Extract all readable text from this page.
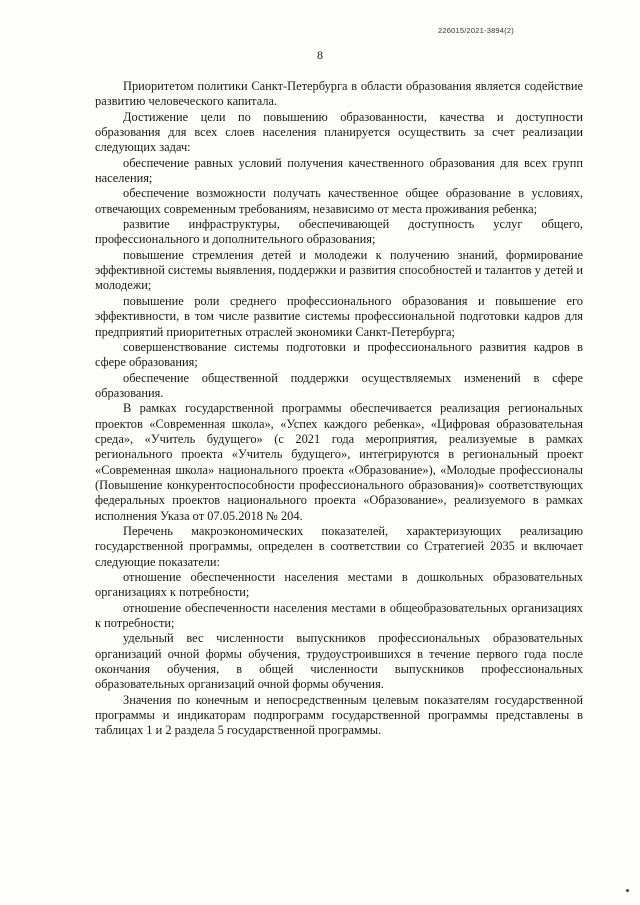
226015/2021-3894(2)
8

Приоритетом политики Санкт-Петербурга в области образования является содействие развитию человеческого капитала.

Достижение цели по повышению образованности, качества и доступности образования для всех слоев населения планируется осуществить за счет реализации следующих задач:

обеспечение равных условий получения качественного образования для всех групп населения;

обеспечение возможности получать качественное общее образование в условиях, отвечающих современным требованиям, независимо от места проживания ребенка;

развитие инфраструктуры, обеспечивающей доступность услуг общего, профессионального и дополнительного образования;

повышение стремления детей и молодежи к получению знаний, формирование эффективной системы выявления, поддержки и развития способностей и талантов у детей и молодежи;

повышение роли среднего профессионального образования и повышение его эффективности, в том числе развитие системы профессиональной подготовки кадров для предприятий приоритетных отраслей экономики Санкт-Петербурга;

совершенствование системы подготовки и профессионального развития кадров в сфере образования;

обеспечение общественной поддержки осуществляемых изменений в сфере образования.

В рамках государственной программы обеспечивается реализация региональных проектов «Современная школа», «Успех каждого ребенка», «Цифровая образовательная среда», «Учитель будущего» (с 2021 года мероприятия, реализуемые в рамках регионального проекта «Учитель будущего», интегрируются в региональный проект «Современная школа» национального проекта «Образование»), «Молодые профессионалы (Повышение конкурентоспособности профессионального образования)» соответствующих федеральных проектов национального проекта «Образование», реализуемого в рамках исполнения Указа от 07.05.2018 № 204.

Перечень макроэкономических показателей, характеризующих реализацию государственной программы, определен в соответствии со Стратегией 2035 и включает следующие показатели:

отношение обеспеченности населения местами в дошкольных образовательных организациях к потребности;

отношение обеспеченности населения местами в общеобразовательных организациях к потребности;

удельный вес численности выпускников профессиональных образовательных организаций очной формы обучения, трудоустроившихся в течение первого года после окончания обучения, в общей численности выпускников профессиональных образовательных организаций очной формы обучения.

Значения по конечным и непосредственным целевым показателям государственной программы и индикаторам подпрограмм государственной программы представлены в таблицах 1 и 2 раздела 5 государственной программы.
